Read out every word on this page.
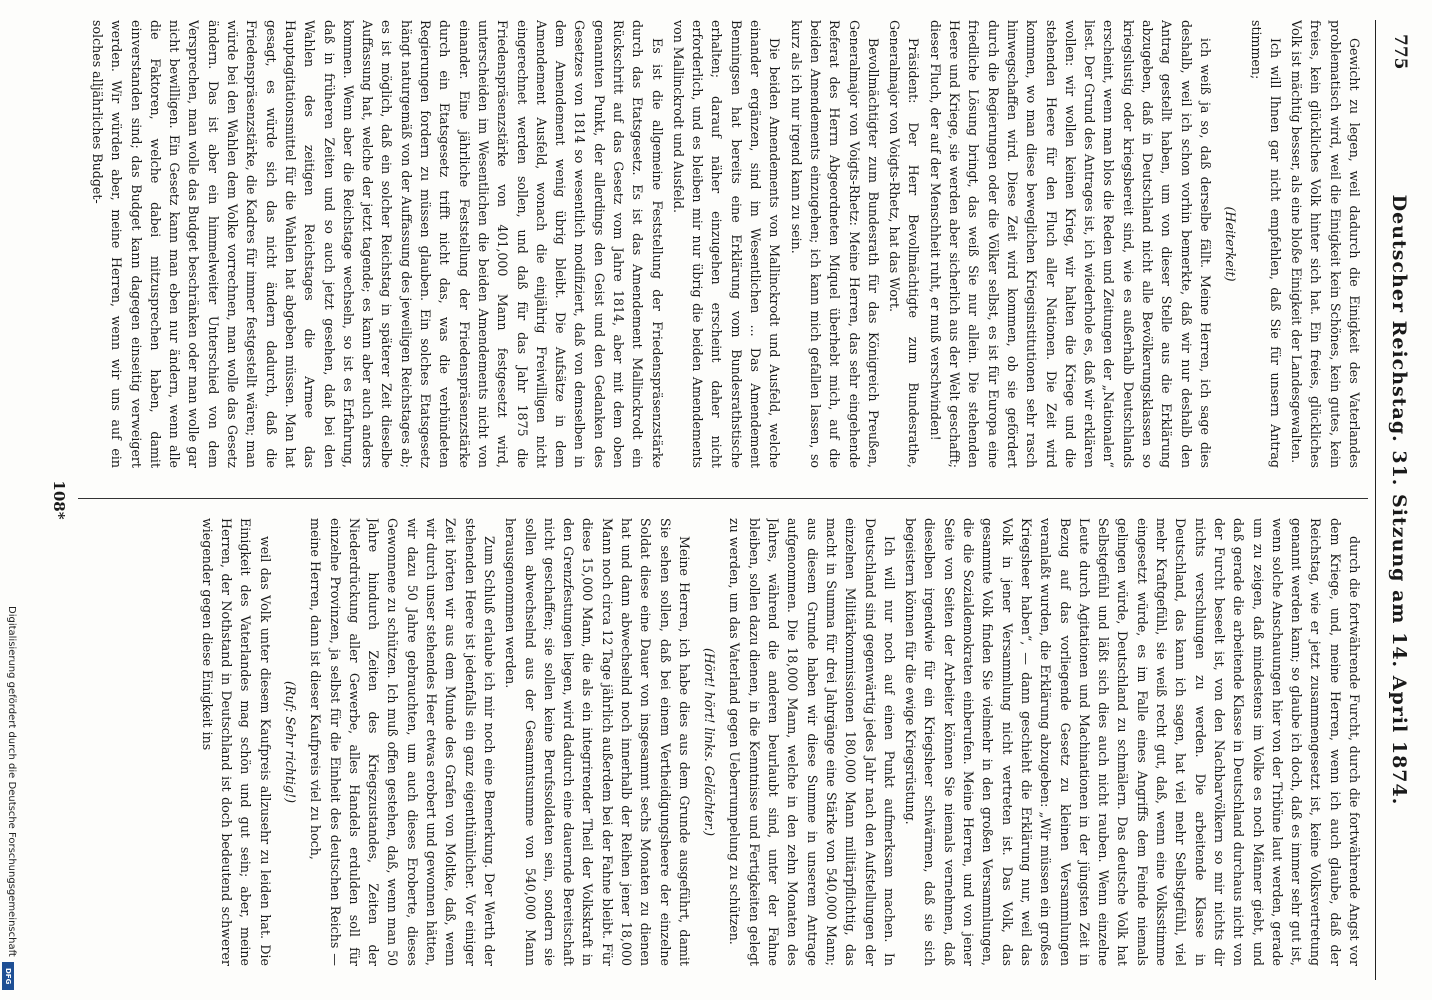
Digitalisierung gefördert durch die Deutsche Forschungsgemeinschaft
DFG
775
Deutscher Reichstag. 31. Sitzung am 14. April 1874.

Gewicht zu legen, weil dadurch die Einigkeit des Vaterlandes problematisch wird, weil die Einigkeit kein Schönes, kein gutes, kein freies, kein glückliches Volk hinter sich hat. Ein freies, glückliches Volk ist mächtig besser, als eine bloße Einigkeit der Landesgewalten.

Ich will Ihnen gar nicht empfehlen, daß Sie für unsern Antrag stimmen;

(Heiterkeit)

ich weiß ja so, daß derselbe fällt. Meine Herren, ich sage dies deshalb, weil ich schon vorhin bemerkte, daß wir nur deshalb den Antrag gestellt haben, um von dieser Stelle aus die Erklärung abzugeben, daß in Deutschland nicht alle Bevölkerungsklassen so kriegslustig oder kriegsbereit sind, wie es außerhalb Deutschlands erscheint, wenn man blos die Reden und Zeitungen der „Nationalen“ liest. Der Grund des Antrages ist, ich wiederhole es, daß wir erklären wollen: wir wollen keinen Krieg, wir halten die Kriege und die stehenden Heere für den Fluch aller Nationen. Die Zeit wird kommen, wo man diese beweglichen Kriegsinstitutionen sehr rasch hinwegschaffen wird. Diese Zeit wird kommen, ob sie gefördert durch die Regierungen oder die Völker selbst, es ist für Europa eine friedliche Lösung bringt, das weiß Sie nur allein. Die stehenden Heere und Kriege, sie werden aber sicherlich aus der Welt geschafft; dieser Fluch, der auf der Menschheit ruht, er muß verschwinden!

Präsident: Der Herr Bevollmächtigte zum Bundesrathe, Generalmajor von Voigts-Rhetz, hat das Wort.

Bevollmächtigter zum Bundesrath für das Königreich Preußen, Generalmajor von Voigts-Rhetz: Meine Herren, das sehr eingehende Referat des Herrn Abgeordneten Miquel überhebt mich, auf die beiden Amendements einzugehen; ich kann mich gefallen lassen, so kurz als ich nur irgend kann zu sein.

Die beiden Amendements von Mallinckrodt und Ausfeld, welche einander ergänzen, sind im Wesentlichen ... Das Amendement Benningsen hat bereits eine Erklärung vom Bundesrathstische erhalten; darauf näher einzugehen erscheint daher nicht erforderlich, und es bleiben mir nur übrig die beiden Amendements von Mallinckrodt und Ausfeld.

Es ist die allgemeine Feststellung der Friedenspräsenzstärke durch das Etatsgesetz. Es ist das Amendement Mallinckrodt ein Rückschritt auf das Gesetz vom Jahre 1814, aber mit dem oben genannten Punkt, der allerdings den Geist und den Gedanken des Gesetzes von 1814 so wesentlich modifiziert, daß von demselben in dem Amendement wenig übrig bleibt. Die Aufsätze in dem Amendement Ausfeld, wonach die einjährig Freiwilligen nicht eingerechnet werden sollen, und daß für das Jahr 1875 die Friedenspräsenzstärke von 401,000 Mann festgesetzt wird, unterscheiden im Wesentlichen die beiden Amendements nicht von einander. Eine jährliche Feststellung der Friedenspräsenzstärke durch ein Etatsgesetz trifft nicht das, was die verbündeten Regierungen fordern zu müssen glauben. Ein solches Etatsgesetz hängt naturgemäß von der Auffassung des jeweiligen Reichstages ab; es ist möglich, daß ein solcher Reichstag in späterer Zeit dieselbe Auffassung hat, welche der jetzt tagende; es kann aber auch anders kommen. Wenn aber die Reichstage wechseln, so ist es Erfahrung, daß in früheren Zeiten und so auch jetzt gesehen, daß bei den Wahlen des zeitigen Reichstages die Armee das Hauptagitationsmittel für die Wahlen hat abgeben müssen. Man hat gesagt, es würde sich das nicht ändern dadurch, daß die Friedenspräsenzstärke, die Kadres für immer festgestellt wären; man würde bei den Wahlen dem Volke vorrechnen, man wolle das Gesetz ändern. Das ist aber ein himmelweiter Unterschied von dem Versprechen, man wolle das Budget beschränken oder man wolle gar nicht bewilligen. Ein Gesetz kann man eben nur ändern, wenn alle die Faktoren, welche dabei mitzusprechen haben, damit einverstanden sind; das Budget kann dagegen einseitig verweigert werden. Wir würden aber, meine Herren, wenn wir uns auf ein solches alljährliches Budget-

durch die fortwährende Furcht, durch die fortwährende Angst vor dem Kriege, und, meine Herren, wenn ich auch glaube, daß der Reichstag, wie er jetzt zusammengesetzt ist, keine Volksvertretung genannt werden kann; so glaube ich doch, daß es immer sehr gut ist, wenn solche Anschauungen hier von der Tribüne laut werden, gerade um zu zeigen, daß mindestens im Volke es noch Männer giebt, und daß gerade die arbeitende Klasse in Deutschland durchaus nicht von der Furcht beseelt ist, von den Nachbarvölkern so mir nichts dir nichts verschlungen zu werden. Die arbeitende Klasse in Deutschland, das kann ich sagen, hat viel mehr Selbstgefühl, viel mehr Kraftgefühl, sie weiß recht gut, daß, wenn eine Volksstimme eingesetzt würde, es im Falle eines Angriffs dem Feinde niemals gelingen würde, Deutschland zu schmälern. Das deutsche Volk hat Selbstgefühl und läßt sich dies auch nicht rauben. Wenn einzelne Leute durch Agitationen und Machinationen in der jüngsten Zeit in Bezug auf das vorliegende Gesetz zu kleinen Versammlungen veranlaßt wurden, die Erklärung abzugeben: „Wir müssen ein großes Kriegsheer haben“, — dann geschieht die Erklärung nur, weil das Volk in jener Versammlung nicht vertreten ist. Das Volk, das gesammte Volk finden Sie vielmehr in den großen Versammlungen, die die Sozialdemokraten einberufen. Meine Herren, und von jener Seite von Seiten der Arbeiter können Sie niemals vernehmen, daß dieselben irgendwie für ein Kriegsheer schwärmen, daß sie sich begeistern können für die ewige Kriegsrüstung.

Ich will nur noch auf einen Punkt aufmerksam machen. In Deutschland sind gegenwärtig jedes Jahr nach den Aufstellungen der einzelnen Militärkommissionen 180,000 Mann militärpflichtig, das macht in Summa für drei Jahrgänge eine Stärke von 540,000 Mann; aus diesem Grunde haben wir diese Summe in unserem Antrage aufgenommen. Die 18,000 Mann, welche in den zehn Monaten des Jahres, während die anderen beurlaubt sind, unter der Fahne bleiben, sollen dazu dienen, in die Kenntnisse und Fertigkeiten gelegt zu werden, um das Vaterland gegen Ueberrumpelung zu schützen.

(Hört! hört! links. Gelächter.)

Meine Herren, ich habe dies aus dem Grunde ausgeführt, damit Sie sehen sollen, daß bei einem Vertheidigungsheere der einzelne Soldat diese eine Dauer von insgesammt sechs Monaten zu dienen hat und dann abwechselnd noch innerhalb der Reihen jener 18,000 Mann noch circa 12 Tage jährlich außerdem bei der Fahne bleibt. Für diese 15,000 Mann, die als ein integrirender Theil der Volkskraft in den Grenzfestungen liegen, wird dadurch eine dauernde Bereitschaft nicht geschaffen; sie sollen keine Berufssoldaten sein, sondern sie sollen abwechselnd aus der Gesammtsumme von 540,000 Mann herausgenommen werden.

Zum Schluß erlaube ich mir noch eine Bemerkung. Der Werth der stehenden Heere ist jedenfalls ein ganz eigenthümlicher. Vor einiger Zeit hörten wir aus dem Munde des Grafen von Moltke, daß, wenn wir durch unser stehendes Heer etwas erobert und gewonnen hätten, wir dazu 50 Jahre gebrauchten, um auch dieses Eroberte, dieses Gewonnene zu schützen. Ich muß offen gestehen, daß, wenn man 50 Jahre hindurch Zeiten des Kriegszustandes, Zeiten der Niederdrückung aller Gewerbe, alles Handels erdulden soll für einzelne Provinzen, ja selbst für die Einheit des deutschen Reichs — meine Herren, dann ist dieser Kaufpreis viel zu hoch,

(Ruf: Sehr richtig!)

weil das Volk unter diesem Kaufpreis allzusehr zu leiden hat. Die Einigkeit des Vaterlandes mag schön und gut sein; aber, meine Herren, der Nothstand in Deutschland ist doch bedeutend schwerer wiegender gegen diese Einigkeit ins

108*
